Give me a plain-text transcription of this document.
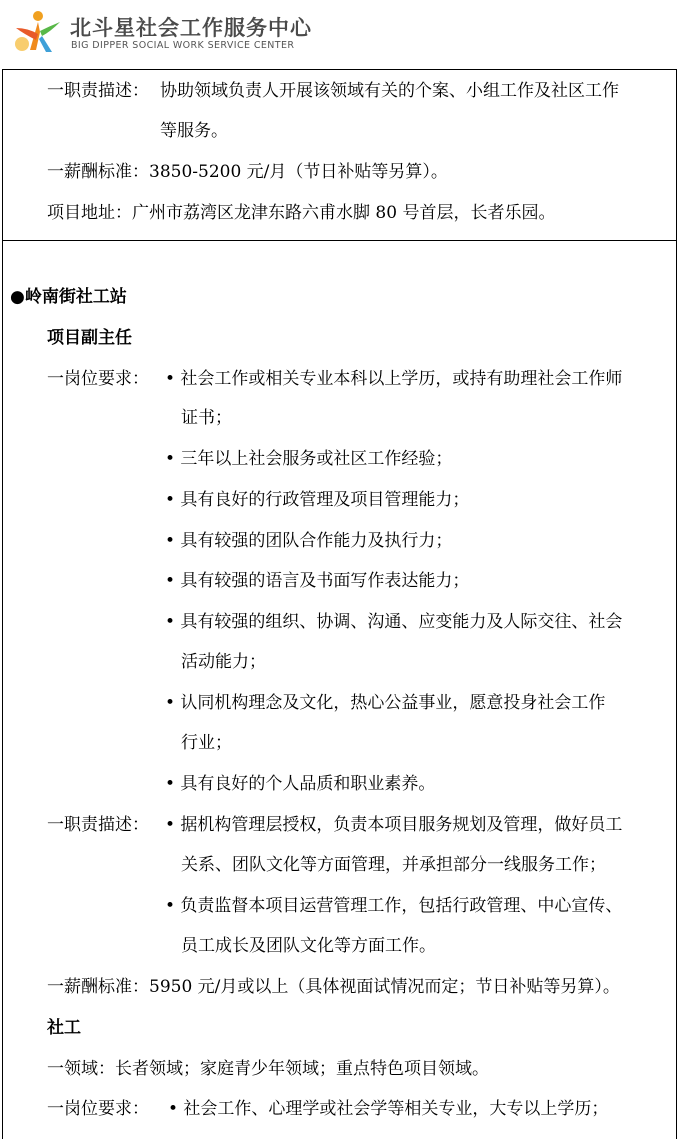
北斗星社会工作服务中心
BIG DIPPER SOCIAL WORK SERVICE CENTER
一职责描述： 协助领域负责人开展该领域有关的个案、小组工作及社区工作
等服务。
一薪酬标准：3850-5200 元/月（节日补贴等另算）。
项目地址：广州市荔湾区龙津东路六甫水脚 80 号首层，长者乐园。
●岭南街社工站
项目副主任
一岗位要求： • 社会工作或相关专业本科以上学历，或持有助理社会工作师
证书；
• 三年以上社会服务或社区工作经验；
• 具有良好的行政管理及项目管理能力；
• 具有较强的团队合作能力及执行力；
• 具有较强的语言及书面写作表达能力；
• 具有较强的组织、协调、沟通、应变能力及人际交往、社会
活动能力；
• 认同机构理念及文化，热心公益事业，愿意投身社会工作
行业；
• 具有良好的个人品质和职业素养。
一职责描述： • 据机构管理层授权，负责本项目服务规划及管理，做好员工
关系、团队文化等方面管理，并承担部分一线服务工作；
• 负责监督本项目运营管理工作，包括行政管理、中心宣传、
员工成长及团队文化等方面工作。
一薪酬标准：5950 元/月或以上（具体视面试情况而定；节日补贴等另算）。
社工
一领域：长者领域；家庭青少年领域；重点特色项目领域。
一岗位要求： • 社会工作、心理学或社会学等相关专业，大专以上学历；
